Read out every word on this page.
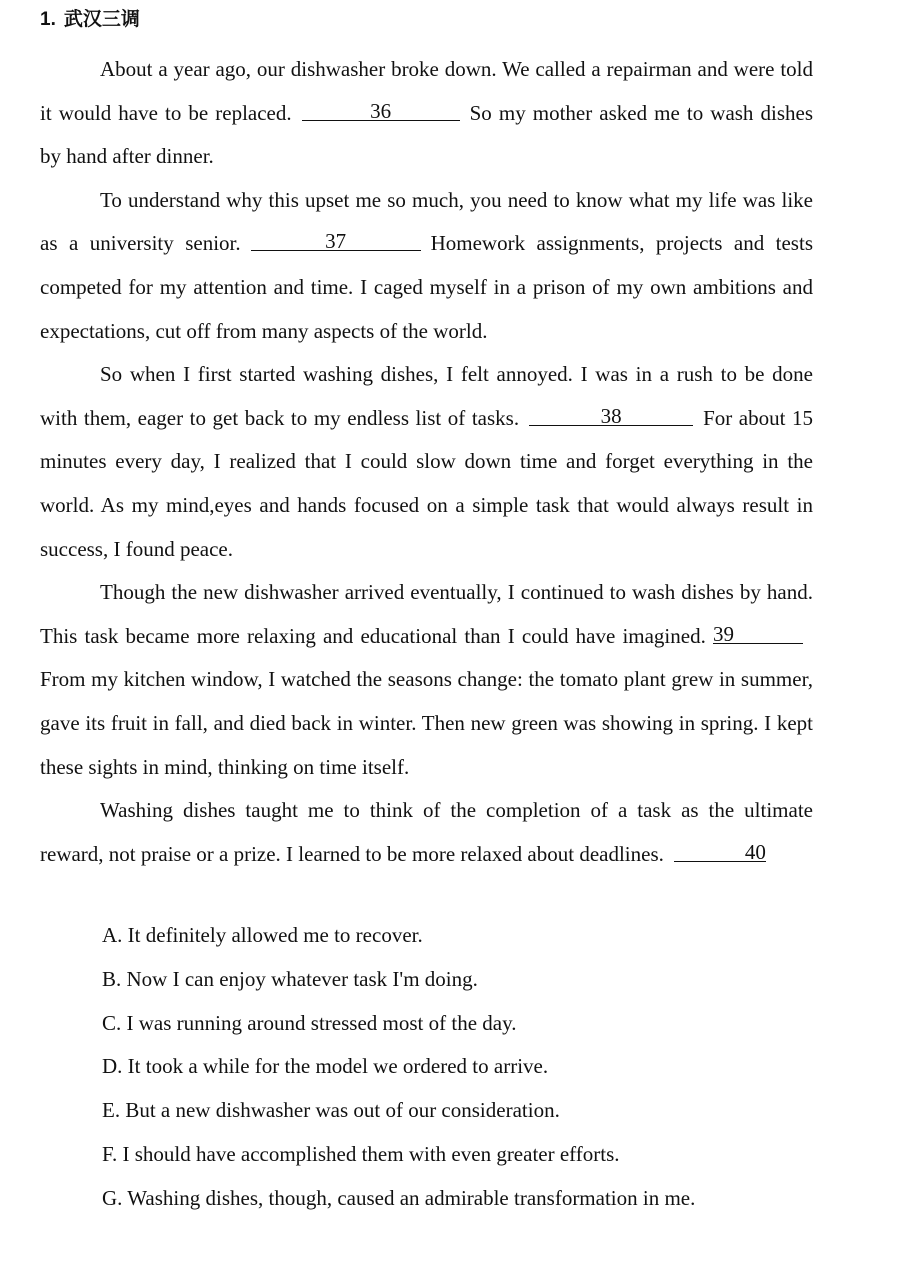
1. 武汉三调

About a year ago, our dishwasher broke down. We called a repairman and were told it would have to be replaced.	36	So my mother asked me to wash dishes by hand after dinner.

To understand why this upset me so much, you need to know what my life was like as a university senior.	37	Homework assignments, projects and tests competed for my attention and time. I caged myself in a prison of my own ambitions and expectations, cut off from many aspects of the world.

So when I first started washing dishes, I felt annoyed. I was in a rush to be done with them, eager to get back to my endless list of tasks.	38	For about 15 minutes every day, I realized that I could slow down time and forget everything in the world. As my mind,eyes and hands focused on a simple task that would always result in success, I found peace.

Though the new dishwasher arrived eventually, I continued to wash dishes by hand. This task became more relaxing and educational than I could have imagined. 39From my kitchen window, I watched the seasons change: the tomato plant grew in summer, gave its fruit in fall, and died back in winter. Then new green was showing in spring. I kept these sights in mind, thinking on time itself.

Washing dishes taught me to think of the completion of a task as the ultimate reward, not praise or a prize. I learned to be more relaxed about deadlines.	40

A. It definitely allowed me to recover.
B. Now I can enjoy whatever task I'm doing.
C. I was running around stressed most of the day.
D. It took a while for the model we ordered to arrive.
E. But a new dishwasher was out of our consideration.
F. I should have accomplished them with even greater efforts.
G. Washing dishes, though, caused an admirable transformation in me.
